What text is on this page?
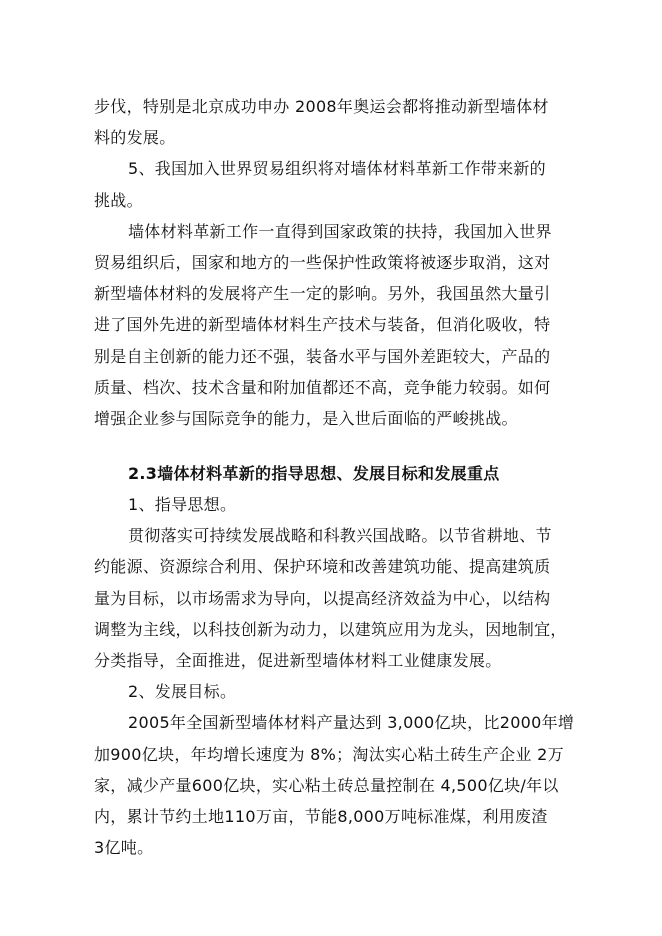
步伐，特别是北京成功申办 2008年奥运会都将推动新型墙体材
料的发展。
5、我国加入世界贸易组织将对墙体材料革新工作带来新的
挑战。
墙体材料革新工作一直得到国家政策的扶持，我国加入世界
贸易组织后，国家和地方的一些保护性政策将被逐步取消，这对
新型墙体材料的发展将产生一定的影响。另外，我国虽然大量引
进了国外先进的新型墙体材料生产技术与装备，但消化吸收，特
别是自主创新的能力还不强，装备水平与国外差距较大，产品的
质量、档次、技术含量和附加值都还不高，竞争能力较弱。如何
增强企业参与国际竞争的能力，是入世后面临的严峻挑战。
2.3墙体材料革新的指导思想、发展目标和发展重点
1、指导思想。
贯彻落实可持续发展战略和科教兴国战略。以节省耕地、节
约能源、资源综合利用、保护环境和改善建筑功能、提高建筑质
量为目标，以市场需求为导向，以提高经济效益为中心，以结构
调整为主线，以科技创新为动力，以建筑应用为龙头，因地制宜，
分类指导，全面推进，促进新型墙体材料工业健康发展。
2、发展目标。
2005年全国新型墙体材料产量达到 3,000亿块，比2000年增
加900亿块，年均增长速度为 8%；淘汰实心粘土砖生产企业 2万
家，减少产量600亿块，实心粘土砖总量控制在 4,500亿块/年以
内，累计节约土地110万亩，节能8,000万吨标准煤，利用废渣
3亿吨。
